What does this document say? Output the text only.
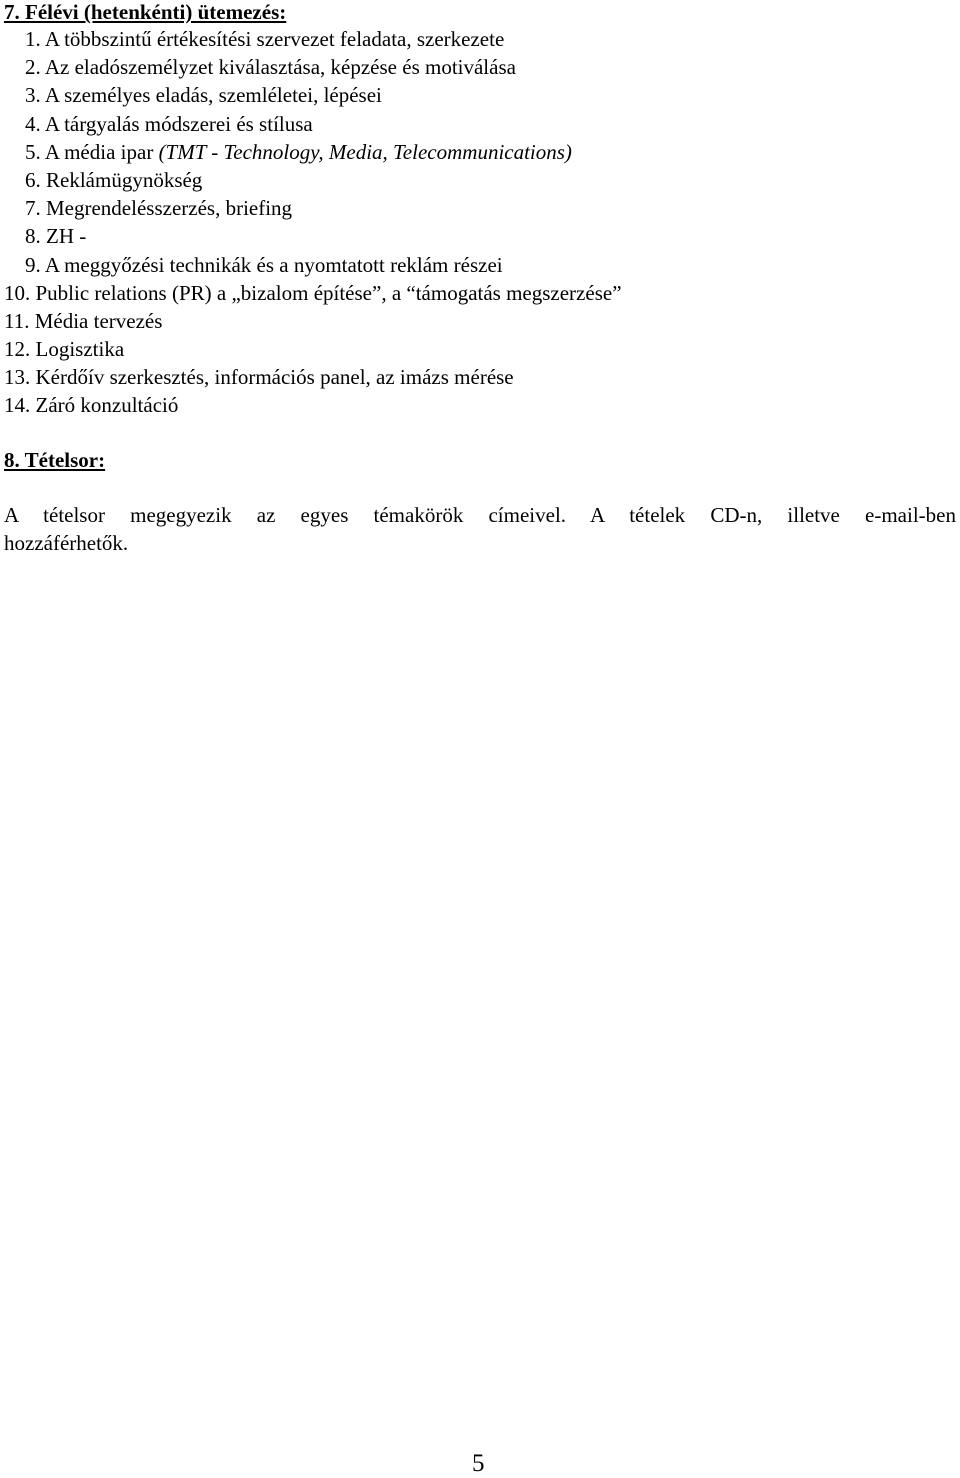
7. Félévi (hetenkénti) ütemezés:
1. A többszintű értékesítési szervezet feladata, szerkezete
2. Az eladószemélyzet kiválasztása, képzése és motiválása
3. A személyes eladás, szemléletei, lépései
4. A tárgyalás módszerei és stílusa
5. A média ipar (TMT - Technology, Media, Telecommunications)
6. Reklámügynökség
7. Megrendelésszerzés, briefing
8. ZH -
9. A meggyőzési technikák és a nyomtatott reklám részei
10. Public relations (PR) a „bizalom építése”, a “támogatás megszerzése”
11. Média tervezés
12. Logisztika
13. Kérdőív szerkesztés, információs panel, az imázs mérése
14. Záró konzultáció
8. Tételsor:
A tételsor megegyezik az egyes témakörök címeivel. A tételek CD-n, illetve e-mail-ben
hozzáférhetők.
5
